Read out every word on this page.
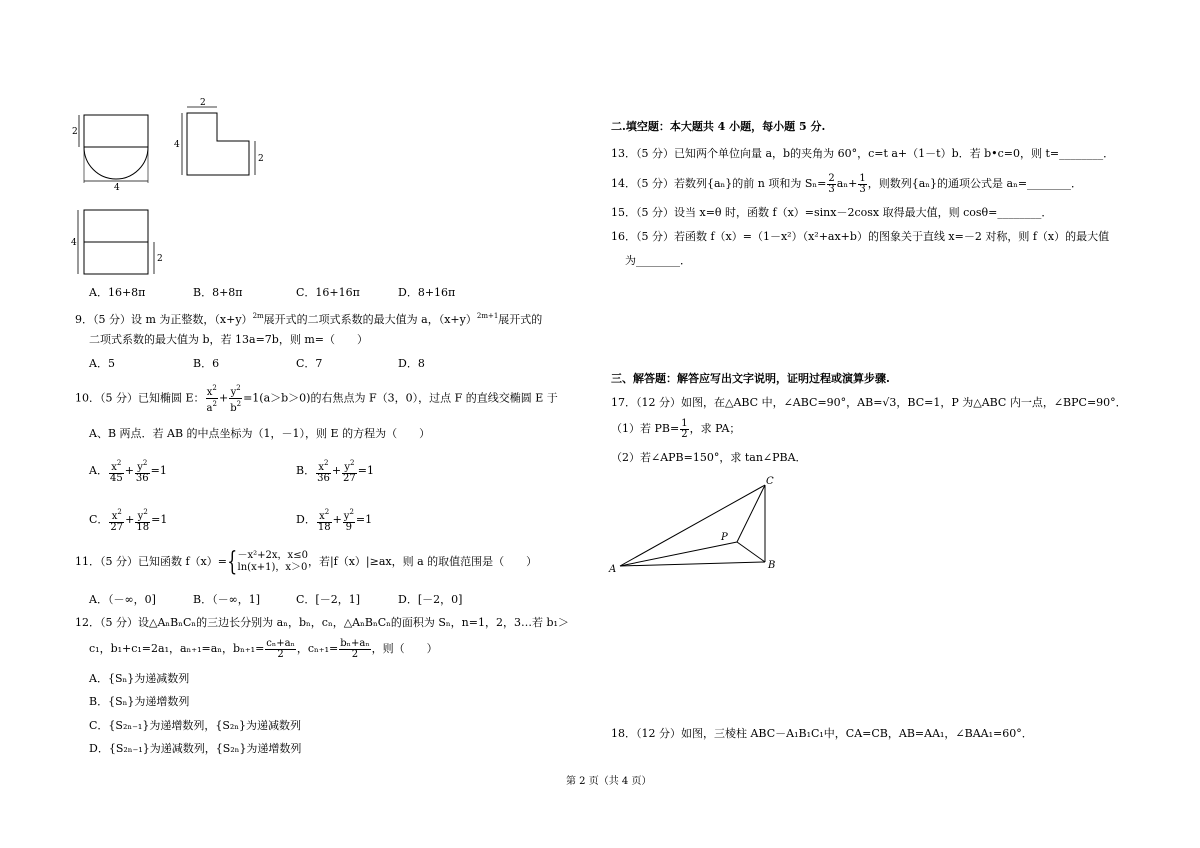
2
4
2
4
2
4
2
A．16+8π	B．8+8π	C．16+16π	D．8+16π
9．（5 分）设 m 为正整数，$(x+y)^{2m}$展开式的二项式系数的最大值为 a，$(x+y)^{2m+1}$展开式的
二项式系数的最大值为 b，若 13a=7b，则 m=（　　）
A．5	B．6	C．7	D．8
10．（5 分）已知椭圆 E： $\frac{x^2}{a^2} + \frac{y^2}{b^2} =1(a>b>0)$的右焦点为 F（3，0），过点 F 的直线交椭圆 E 于
A、B 两点．若 AB 的中点坐标为（1，－1），则 E 的方程为（　　）
A． $\frac{x^2}{45} + \frac{y^2}{36} =1$	B． $\frac{x^2}{36} + \frac{y^2}{27} =1$
C． $\frac{x^2}{27} + \frac{y^2}{18} =1$	D． $\frac{x^2}{18} + \frac{y^2}{9} =1$
11．（5 分）已知函数 f（x）={ －x²+2x，x≤0
ln(x+1)，x＞0 ，若|f（x）|≥ax，则 a 的取值范围是（　　）
A．（－∞，0]	B．（－∞，1]	C．[－2，1]	D．[－2，0]
12．（5 分）设△AₙBₙCₙ的三边长分别为 aₙ，bₙ，cₙ，△AₙBₙCₙ的面积为 Sₙ，n=1，2，3…若 b₁＞
c₁，b₁+c₁=2a₁，aₙ₊₁=aₙ，$b_{n+1}= \frac{\text{cₙ+aₙ}}{2}$ ，$c_{n+1}= \frac{\text{bₙ+aₙ}}{2}$ ，则（　　）
A．{Sₙ}为递减数列
B．{Sₙ}为递增数列
C．{S₂ₙ₋₁}为递增数列，{S₂ₙ}为递减数列
D．{S₂ₙ₋₁}为递减数列，{S₂ₙ}为递增数列
二.填空题：本大题共 4 小题，每小题 5 分.
13．（5 分）已知两个单位向量 a，b的夹角为 60°，c=t a+（1－t）b．若 b•c=0，则 t=________．
14．（5 分）若数列{aₙ}的前 n 项和为 $S_n= \frac{2}{3} a_n+ \frac{1}{3}$ ，则数列{aₙ}的通项公式是 aₙ=________．
15．（5 分）设当 x=θ 时，函数 f（x）=sinx－2cosx 取得最大值，则 cosθ=________．
16．（5 分）若函数 f（x）=（1－x²）（x²+ax+b）的图象关于直线 x=－2 对称，则 f（x）的最大值
为________．
三、解答题：解答应写出文字说明，证明过程或演算步骤.
17．（12 分）如图，在△ABC 中，∠ABC=90°，AB=√3，BC=1，P 为△ABC 内一点，∠BPC=90°．
（1）若 $PB= \frac{1}{2}$ ，求 PA；
（2）若∠APB=150°，求 tan∠PBA．
A	B
C
P
18．（12 分）如图，三棱柱 ABC－A₁B₁C₁中，CA=CB，AB=AA₁，∠BAA₁=60°．
第 2 页（共 4 页）
